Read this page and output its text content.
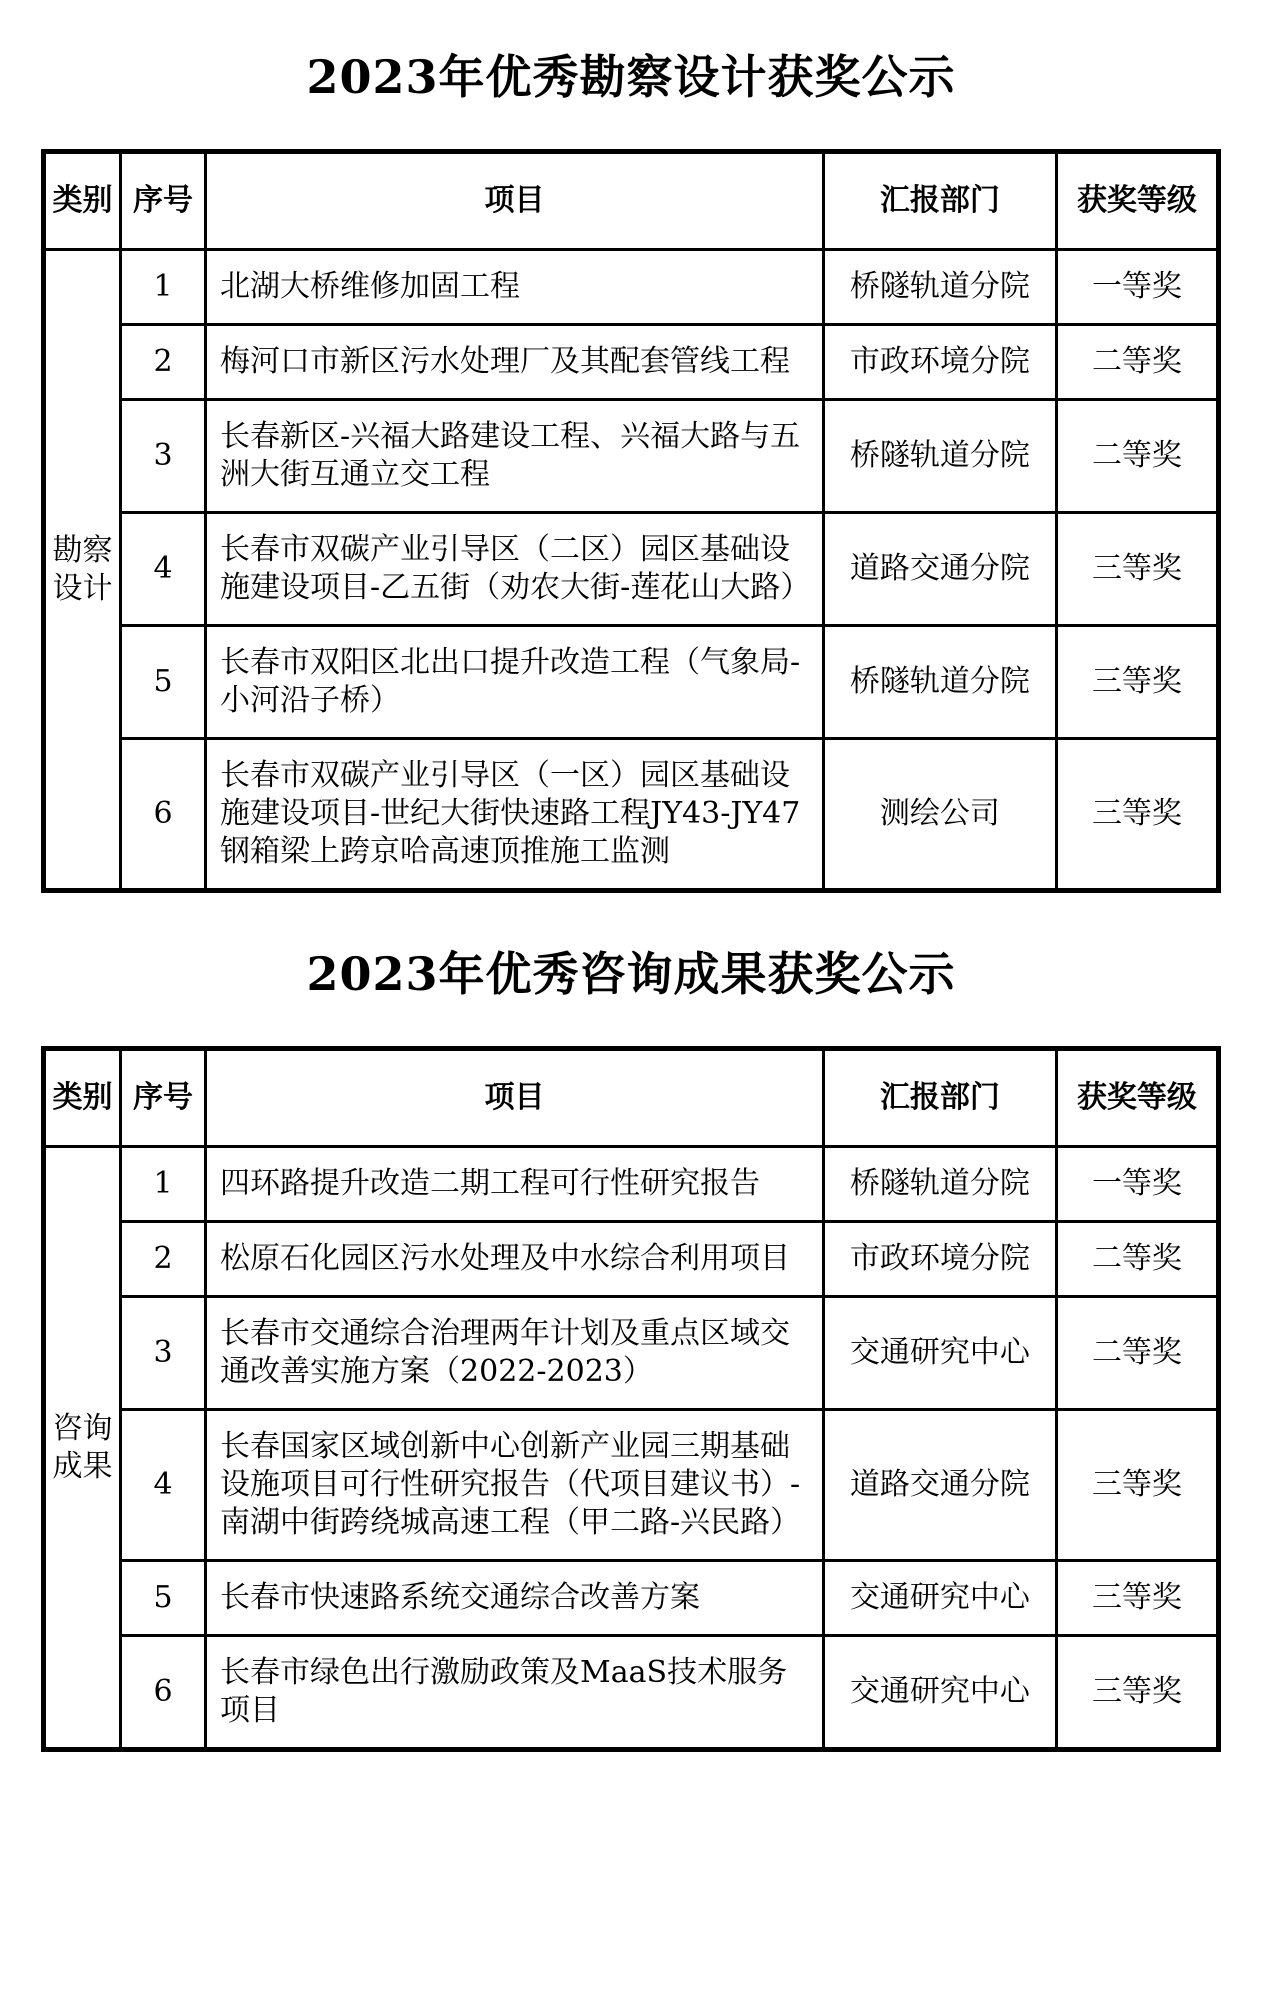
2023年优秀勘察设计获奖公示
类别	序号	项目	汇报部门	获奖等级
勘察设计	1	北湖大桥维修加固工程	桥隧轨道分院	一等奖
	2	梅河口市新区污水处理厂及其配套管线工程	市政环境分院	二等奖
	3	长春新区-兴福大路建设工程、兴福大路与五洲大街互通立交工程	桥隧轨道分院	二等奖
	4	长春市双碳产业引导区（二区）园区基础设施建设项目-乙五街（劝农大街-莲花山大路）	道路交通分院	三等奖
	5	长春市双阳区北出口提升改造工程（气象局-小河沿子桥）	桥隧轨道分院	三等奖
	6	长春市双碳产业引导区（一区）园区基础设施建设项目-世纪大街快速路工程JY43-JY47钢箱梁上跨京哈高速顶推施工监测	测绘公司	三等奖
2023年优秀咨询成果获奖公示
类别	序号	项目	汇报部门	获奖等级
咨询成果	1	四环路提升改造二期工程可行性研究报告	桥隧轨道分院	一等奖
	2	松原石化园区污水处理及中水综合利用项目	市政环境分院	二等奖
	3	长春市交通综合治理两年计划及重点区域交通改善实施方案（2022-2023）	交通研究中心	二等奖
	4	长春国家区域创新中心创新产业园三期基础设施项目可行性研究报告（代项目建议书）-南湖中街跨绕城高速工程（甲二路-兴民路）	道路交通分院	三等奖
	5	长春市快速路系统交通综合改善方案	交通研究中心	三等奖
	6	长春市绿色出行激励政策及MaaS技术服务项目	交通研究中心	三等奖
